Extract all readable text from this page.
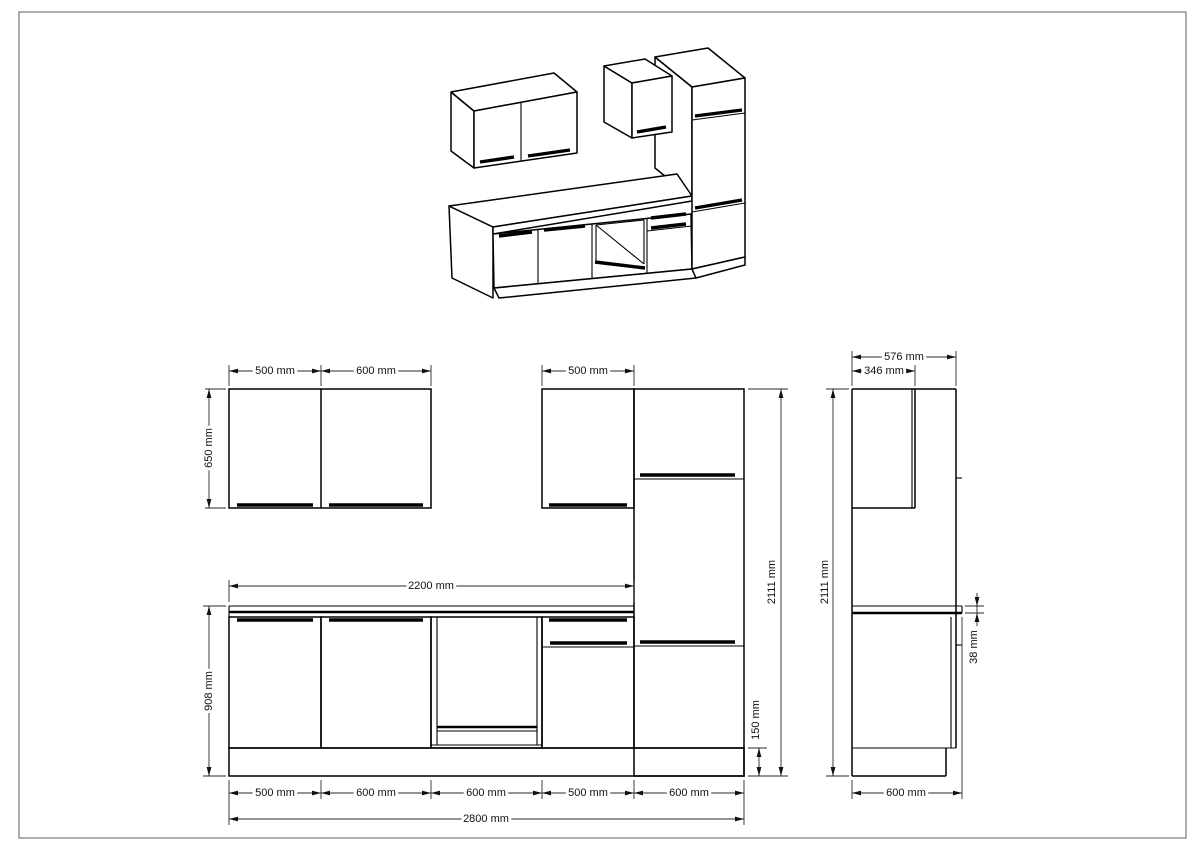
500 mm	600 mm	500 mm
650 mm
2200 mm
908 mm
2111 mm
150 mm
500 mm	600 mm	600 mm	500 mm	600 mm
2800 mm
576 mm
346 mm
2111 mm
38 mm
600 mm
